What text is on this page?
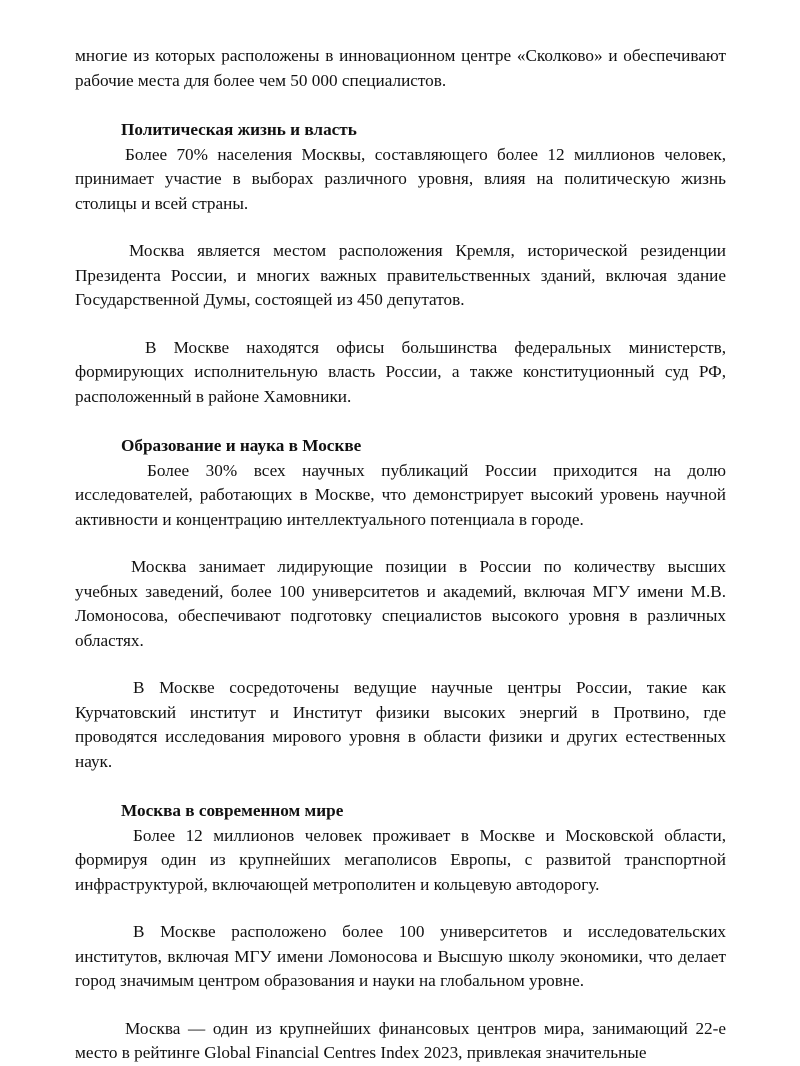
многие из которых расположены в инновационном центре «Сколково» и обеспечивают рабочие места для более чем 50 000 специалистов.

Политическая жизнь и власть

Более 70% населения Москвы, составляющего более 12 миллионов человек, принимает участие в выборах различного уровня, влияя на политическую жизнь столицы и всей страны.

Москва является местом расположения Кремля, исторической резиденции Президента России, и многих важных правительственных зданий, включая здание Государственной Думы, состоящей из 450 депутатов.

В Москве находятся офисы большинства федеральных министерств, формирующих исполнительную власть России, а также конституционный суд РФ, расположенный в районе Хамовники.

Образование и наука в Москве

Более 30% всех научных публикаций России приходится на долю исследователей, работающих в Москве, что демонстрирует высокий уровень научной активности и концентрацию интеллектуального потенциала в городе.

Москва занимает лидирующие позиции в России по количеству высших учебных заведений, более 100 университетов и академий, включая МГУ имени М.В. Ломоносова, обеспечивают подготовку специалистов высокого уровня в различных областях.

В Москве сосредоточены ведущие научные центры России, такие как Курчатовский институт и Институт физики высоких энергий в Протвино, где проводятся исследования мирового уровня в области физики и других естественных наук.

Москва в современном мире

Более 12 миллионов человек проживает в Москве и Московской области, формируя один из крупнейших мегаполисов Европы, с развитой транспортной инфраструктурой, включающей метрополитен и кольцевую автодорогу.

В Москве расположено более 100 университетов и исследовательских институтов, включая МГУ имени Ломоносова и Высшую школу экономики, что делает город значимым центром образования и науки на глобальном уровне.

Москва — один из крупнейших финансовых центров мира, занимающий 22-е место в рейтинге Global Financial Centres Index 2023, привлекая значительные
